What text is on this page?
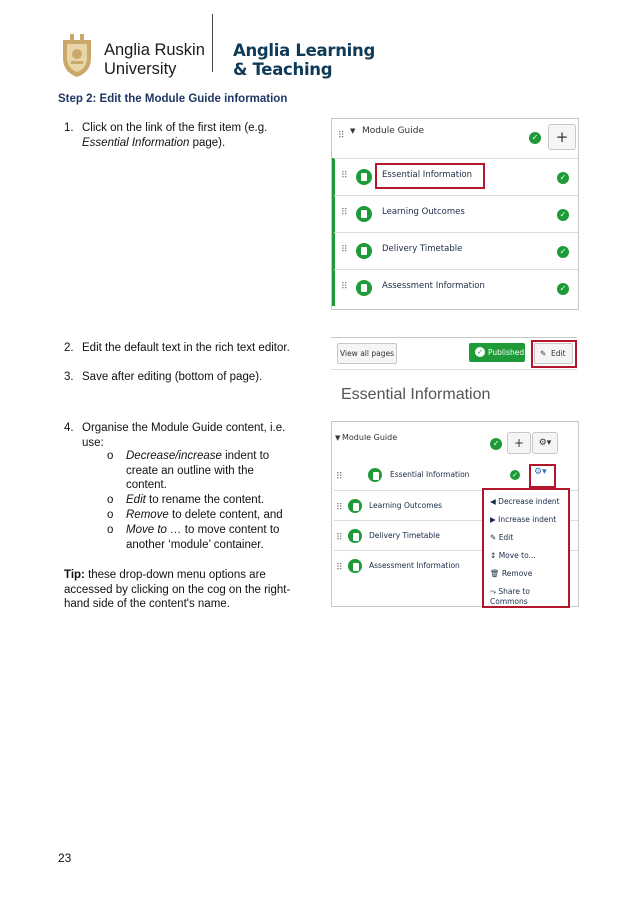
Anglia Ruskin
University
Anglia Learning
& Teaching
Step 2: Edit the Module Guide information
1. Click on the link of the first item (e.g.
Essential Information page).
2. Edit the default text in the rich text editor.
3. Save after editing (bottom of page).
4. Organise the Module Guide content, i.e.
use:
o Decrease/increase indent to
create an outline with the
content.
o Edit to rename the content.
o Remove to delete content, and
o Move to … to move content to
another ‘module’ container.
Tip: these drop-down menu options are
accessed by clicking on the cog on the right-
hand side of the content's name.
⠿ ▼ Module Guide
✓	+
⠿	Essential Information	✓
⠿	Learning Outcomes	✓
⠿	Delivery Timetable	✓
⠿	Assessment Information	✓
View all pages	✓ Published ✎ Edit
Essential Information
▼ Module Guide
✓	+	⚙▾
⠿	Essential Information	✓ ⚙▾
⠿	Learning Outcomes
⠿	Delivery Timetable
⠿	Assessment Information
◀ Decrease indent
▶ Increase indent
✎ Edit
↕ Move to...
🗑 Remove
⤳ Share to Commons
23
